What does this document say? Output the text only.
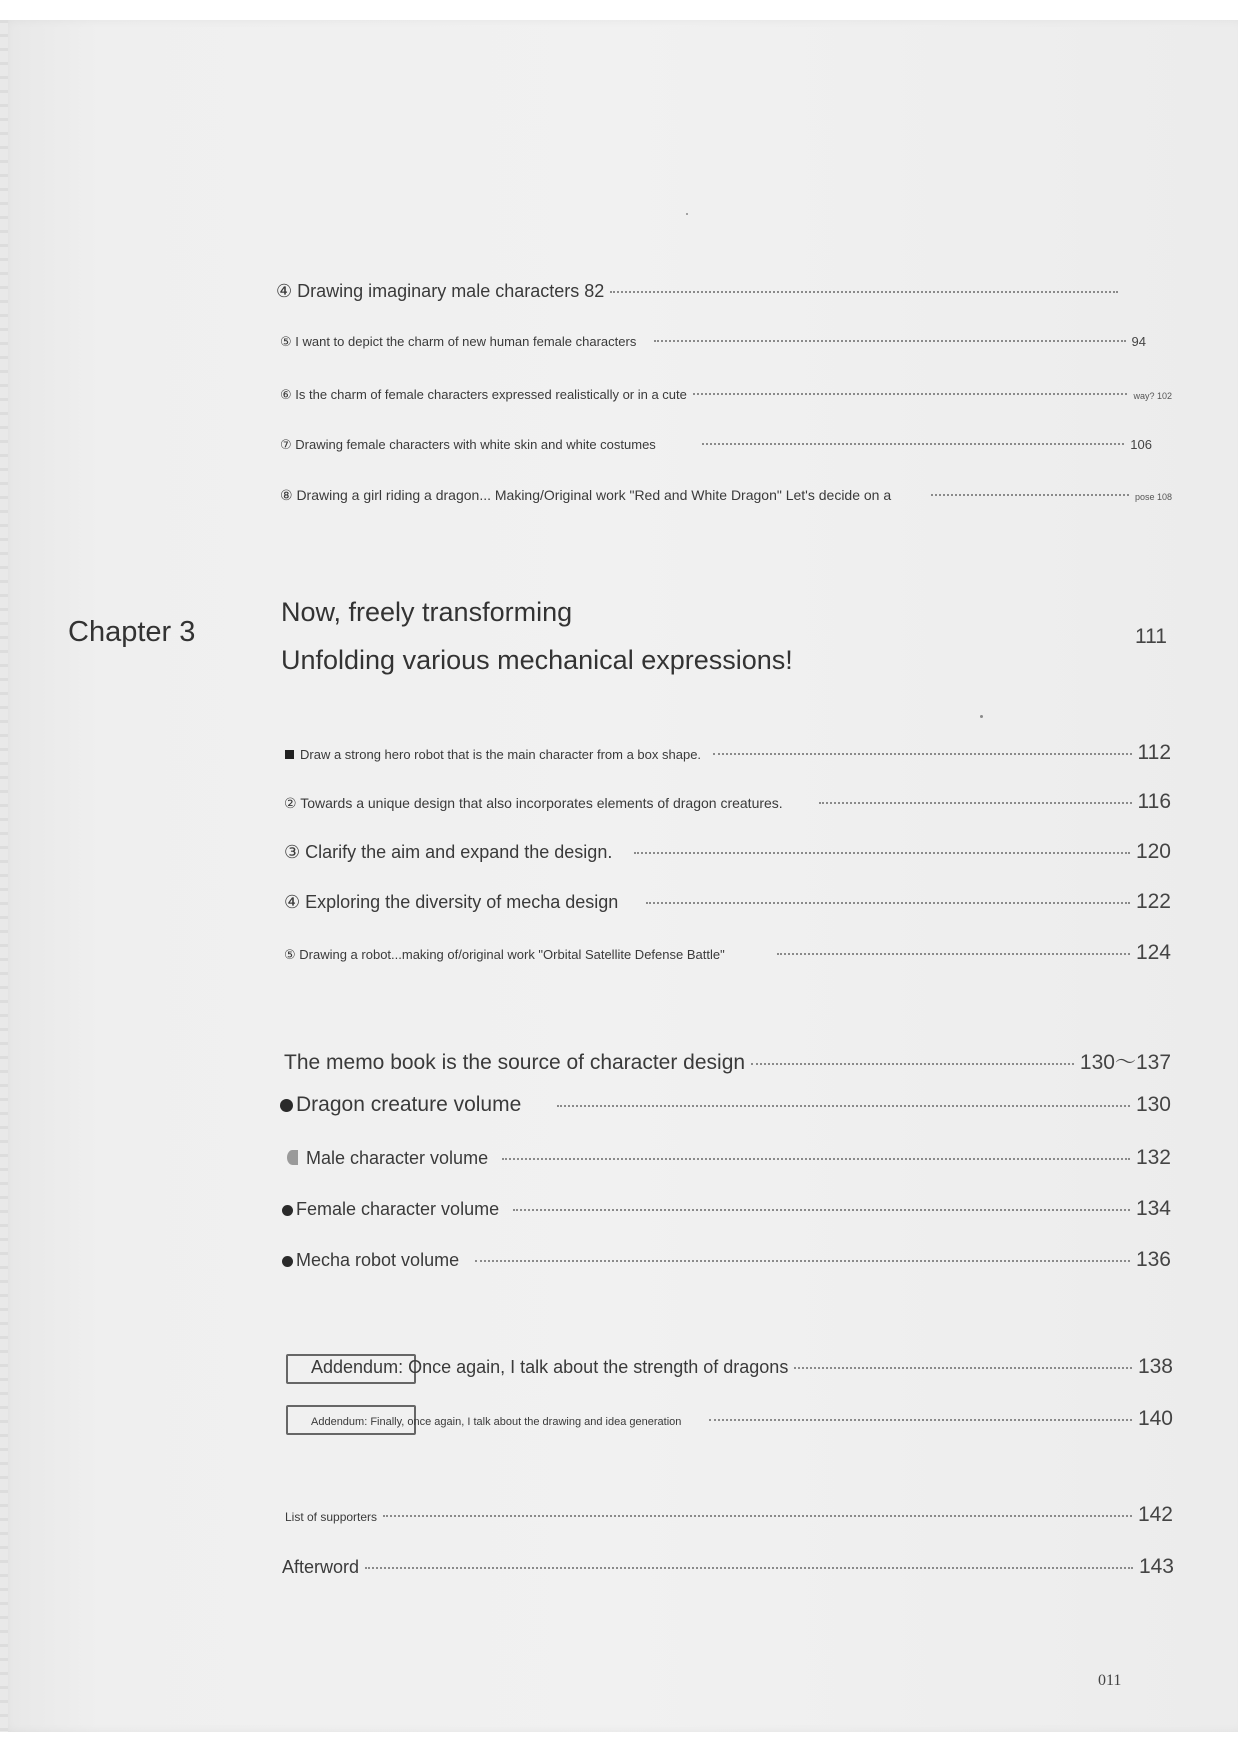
④ Drawing imaginary male characters 82
⑤ I want to depict the charm of new human female characters	94
⑥ Is the charm of female characters expressed realistically or in a cute	way? 102
⑦ Drawing female characters with white skin and white costumes	106
⑧ Drawing a girl riding a dragon... Making/Original work "Red and White Dragon" Let's decide on a	pose 108
Chapter 3
Now, freely transforming
Unfolding various mechanical expressions!
111
Draw a strong hero robot that is the main character from a box shape.	112
② Towards a unique design that also incorporates elements of dragon creatures.	116
③ Clarify the aim and expand the design.	120
④ Exploring the diversity of mecha design	122
⑤ Drawing a robot...making of/original work "Orbital Satellite Defense Battle"	124
The memo book is the source of character design	130～137
Dragon creature volume	130
Male character volume	132
Female character volume	134
Mecha robot volume	136
Addendum: Once again, I talk about the strength of dragons	138
Addendum: Finally, once again, I talk about the drawing and idea generation	140
List of supporters	142
Afterword	143
011
